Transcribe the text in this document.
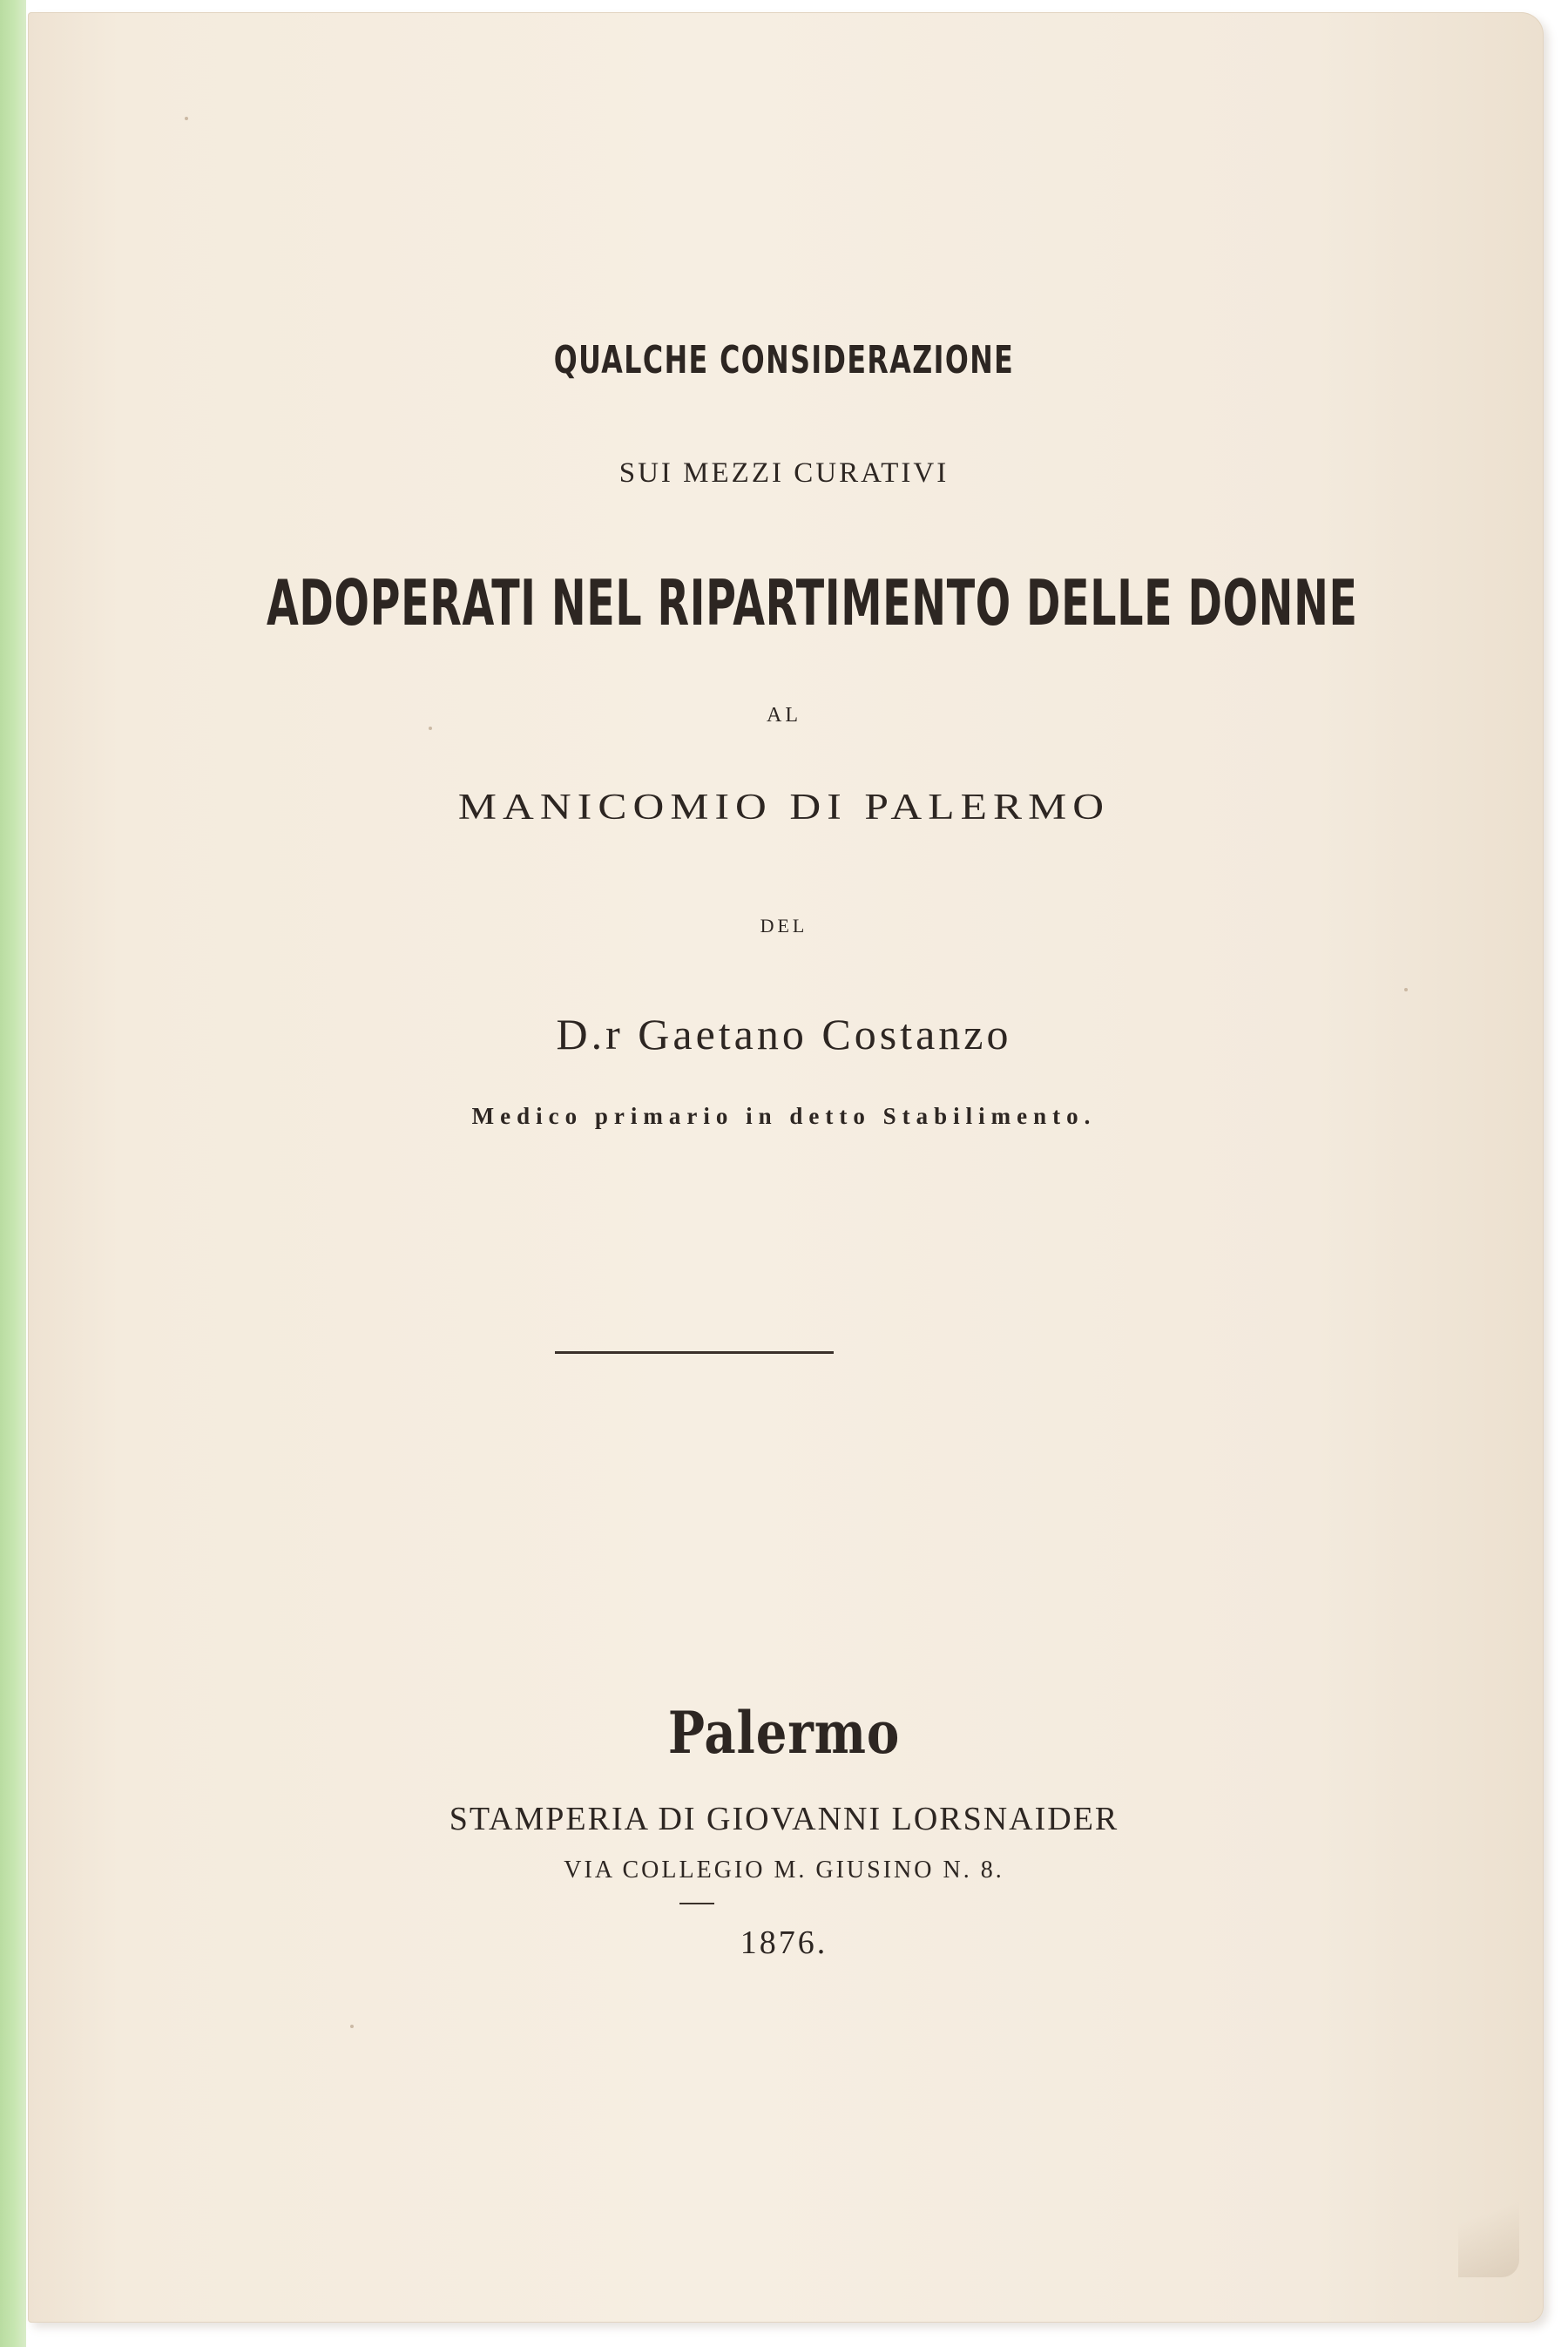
QUALCHE CONSIDERAZIONE
SUI MEZZI CURATIVI
ADOPERATI NEL RIPARTIMENTO DELLE DONNE
AL
MANICOMIO DI PALERMO
DEL
D.r Gaetano Costanzo
Medico primario in detto Stabilimento.
Palermo
STAMPERIA DI GIOVANNI LORSNAIDER
VIA COLLEGIO M. GIUSINO N. 8.
1876.
